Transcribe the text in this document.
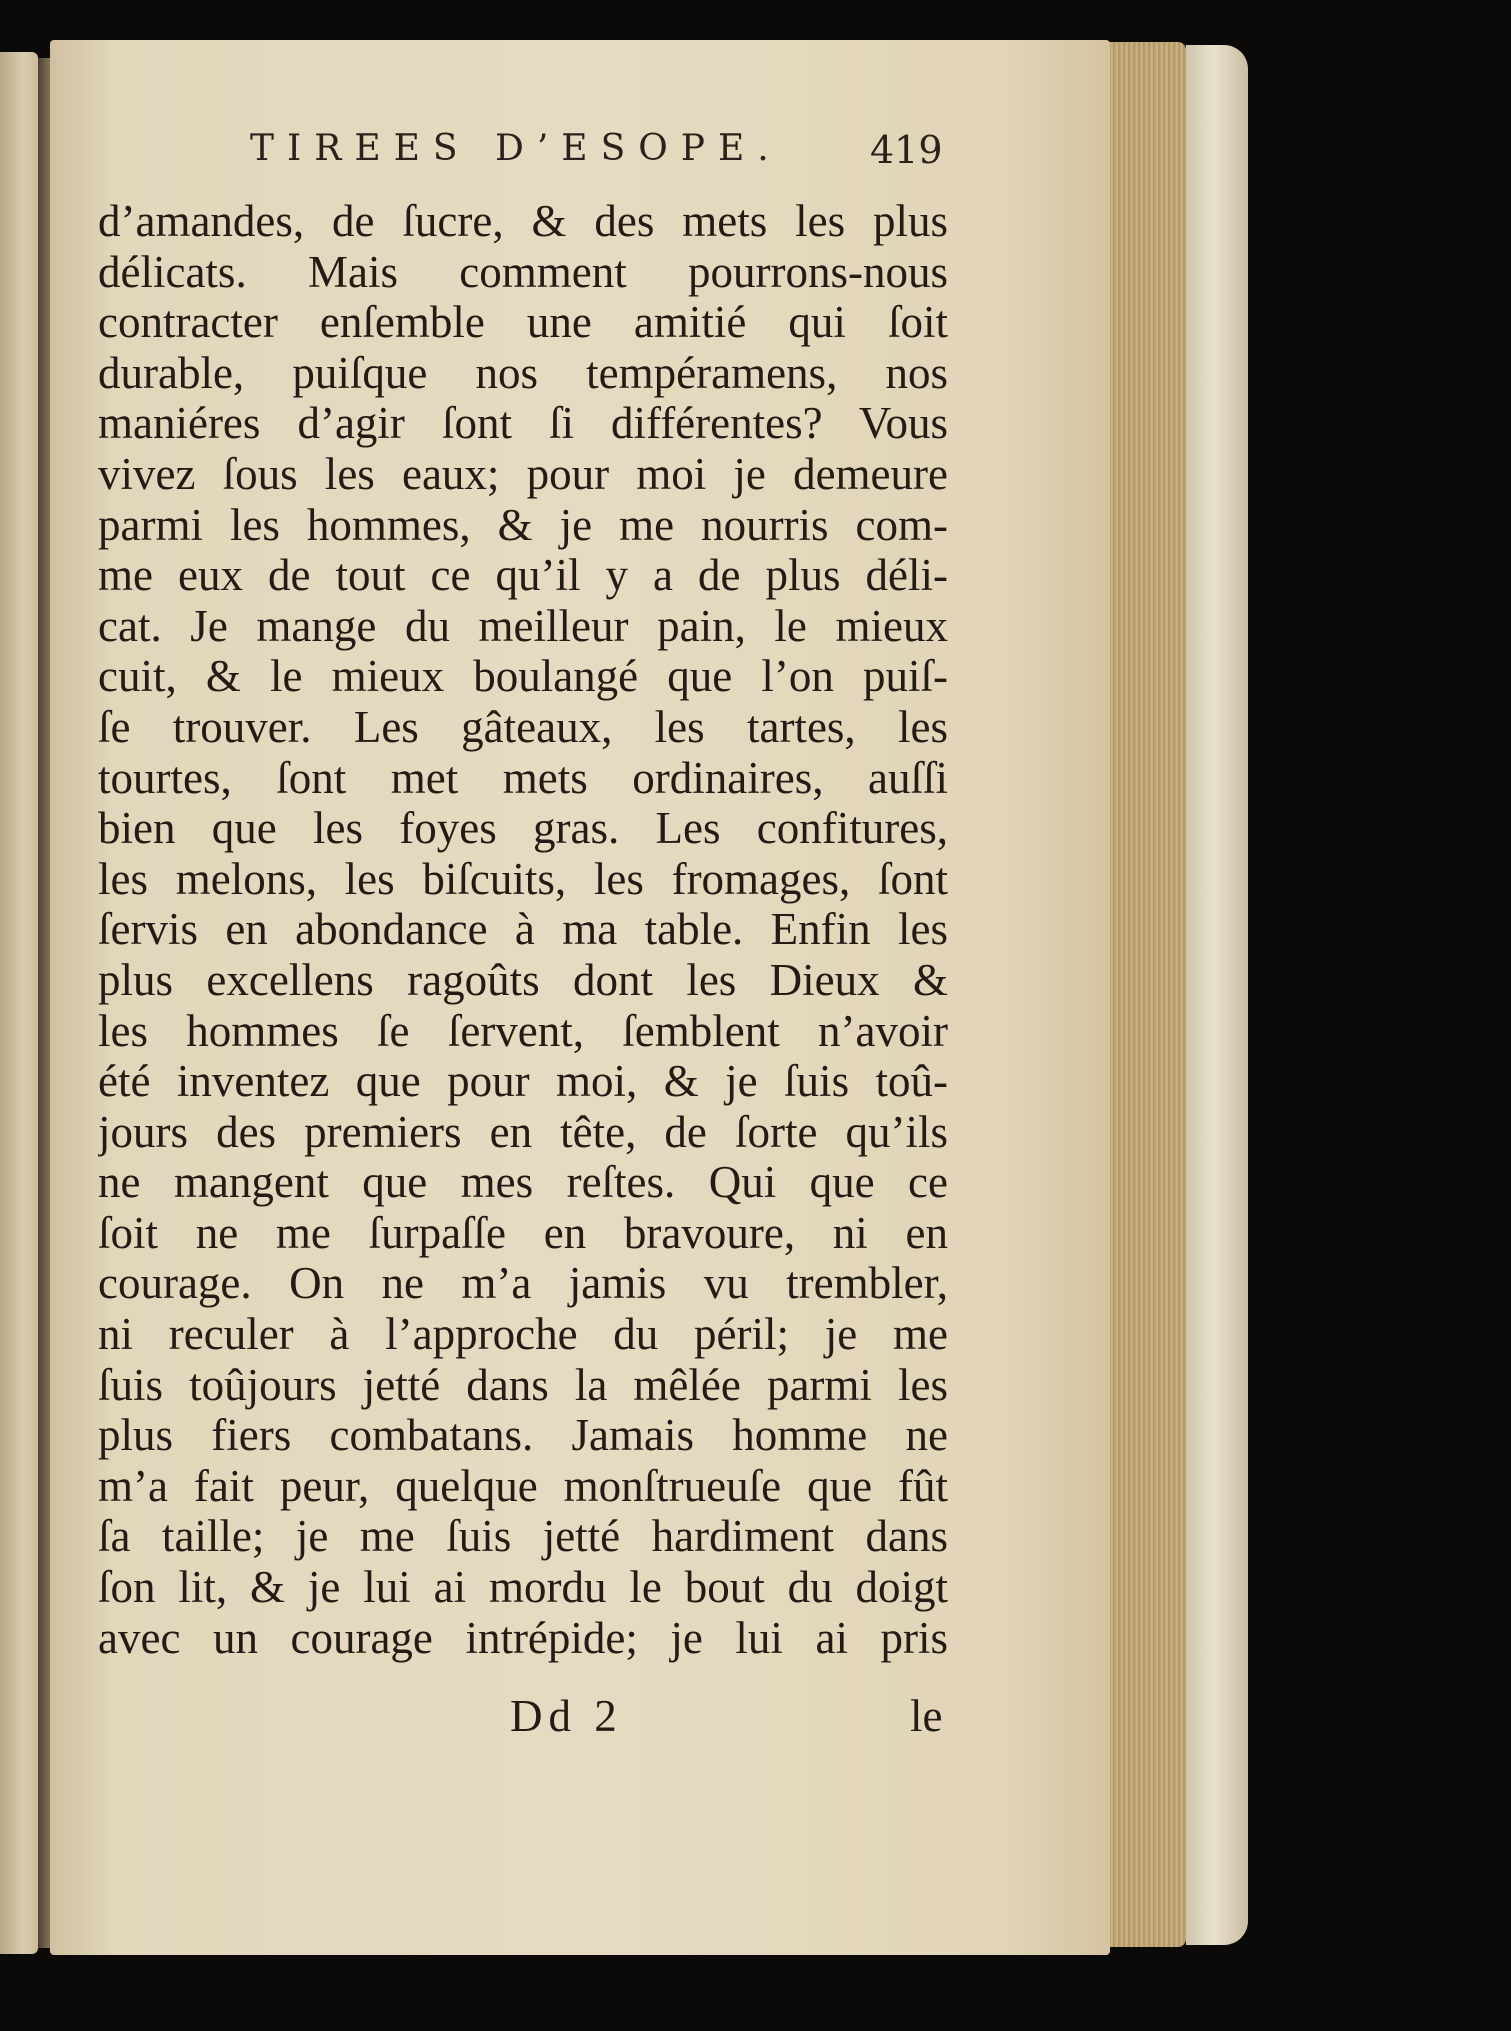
TIREES D’ESOPE. 419
d’amandes, de ſucre, & des mets les plus
délicats. Mais comment pourrons-nous
contracter enſemble une amitié qui ſoit
durable, puiſque nos tempéramens, nos
maniéres d’agir ſont ſi différentes? Vous
vivez ſous les eaux; pour moi je demeure
parmi les hommes, & je me nourris com-
me eux de tout ce qu’il y a de plus déli-
cat. Je mange du meilleur pain, le mieux
cuit, & le mieux boulangé que l’on puiſ-
ſe trouver. Les gâteaux, les tartes, les
tourtes, ſont met mets ordinaires, auſſi
bien que les foyes gras. Les confitures,
les melons, les biſcuits, les fromages, ſont
ſervis en abondance à ma table. Enfin les
plus excellens ragoûts dont les Dieux &
les hommes ſe ſervent, ſemblent n’avoir
été inventez que pour moi, & je ſuis toû-
jours des premiers en tête, de ſorte qu’ils
ne mangent que mes reſtes. Qui que ce
ſoit ne me ſurpaſſe en bravoure, ni en
courage. On ne m’a jamis vu trembler,
ni reculer à l’approche du péril; je me
ſuis toûjours jetté dans la mêlée parmi les
plus fiers combatans. Jamais homme ne
m’a fait peur, quelque monſtrueuſe que fût
ſa taille; je me ſuis jetté hardiment dans
ſon lit, & je lui ai mordu le bout du doigt
avec un courage intrépide; je lui ai pris
Dd 2	le
